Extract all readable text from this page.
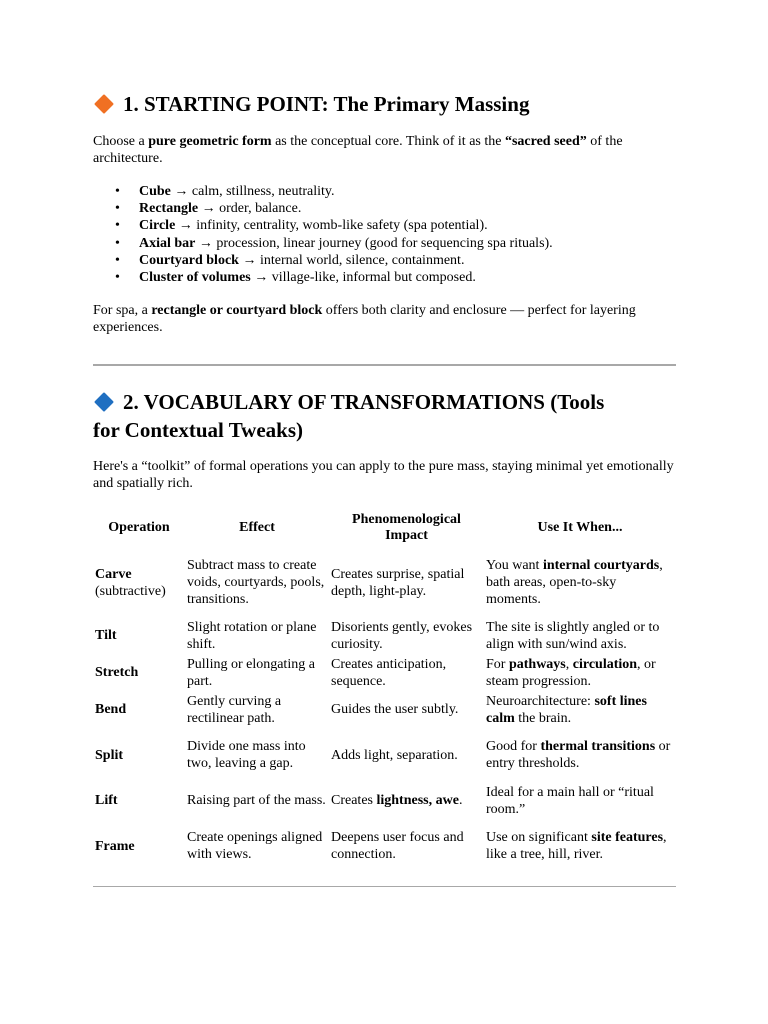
1. STARTING POINT: The Primary Massing

Choose a pure geometric form as the conceptual core. Think of it as the “sacred seed” of the architecture.

• Cube → calm, stillness, neutrality.
• Rectangle → order, balance.
• Circle → infinity, centrality, womb-like safety (spa potential).
• Axial bar → procession, linear journey (good for sequencing spa rituals).
• Courtyard block → internal world, silence, containment.
• Cluster of volumes → village-like, informal but composed.

For spa, a rectangle or courtyard block offers both clarity and enclosure — perfect for layering experiences.

2. VOCABULARY OF TRANSFORMATIONS (Tools
for Contextual Tweaks)

Here's a “toolkit” of formal operations you can apply to the pure mass, staying minimal yet emotionally and spatially rich.

Operation	Effect	Phenomenological Impact	Use It When...
Carve
(subtractive)	Subtract mass to create voids, courtyards, pools, transitions.	Creates surprise, spatial depth, light-play.	You want internal courtyards, bath areas, open-to-sky moments.
Tilt	Slight rotation or plane shift.	Disorients gently, evokes curiosity.	The site is slightly angled or to align with sun/wind axis.
Stretch	Pulling or elongating a part.	Creates anticipation, sequence.	For pathways, circulation, or steam progression.
Bend	Gently curving a rectilinear path.	Guides the user subtly.	Neuroarchitecture: soft lines calm the brain.
Split	Divide one mass into two, leaving a gap.	Adds light, separation.	Good for thermal transitions or entry thresholds.
Lift	Raising part of the mass.	Creates lightness, awe.	Ideal for a main hall or “ritual room.”
Frame	Create openings aligned with views.	Deepens user focus and connection.	Use on significant site features, like a tree, hill, river.
